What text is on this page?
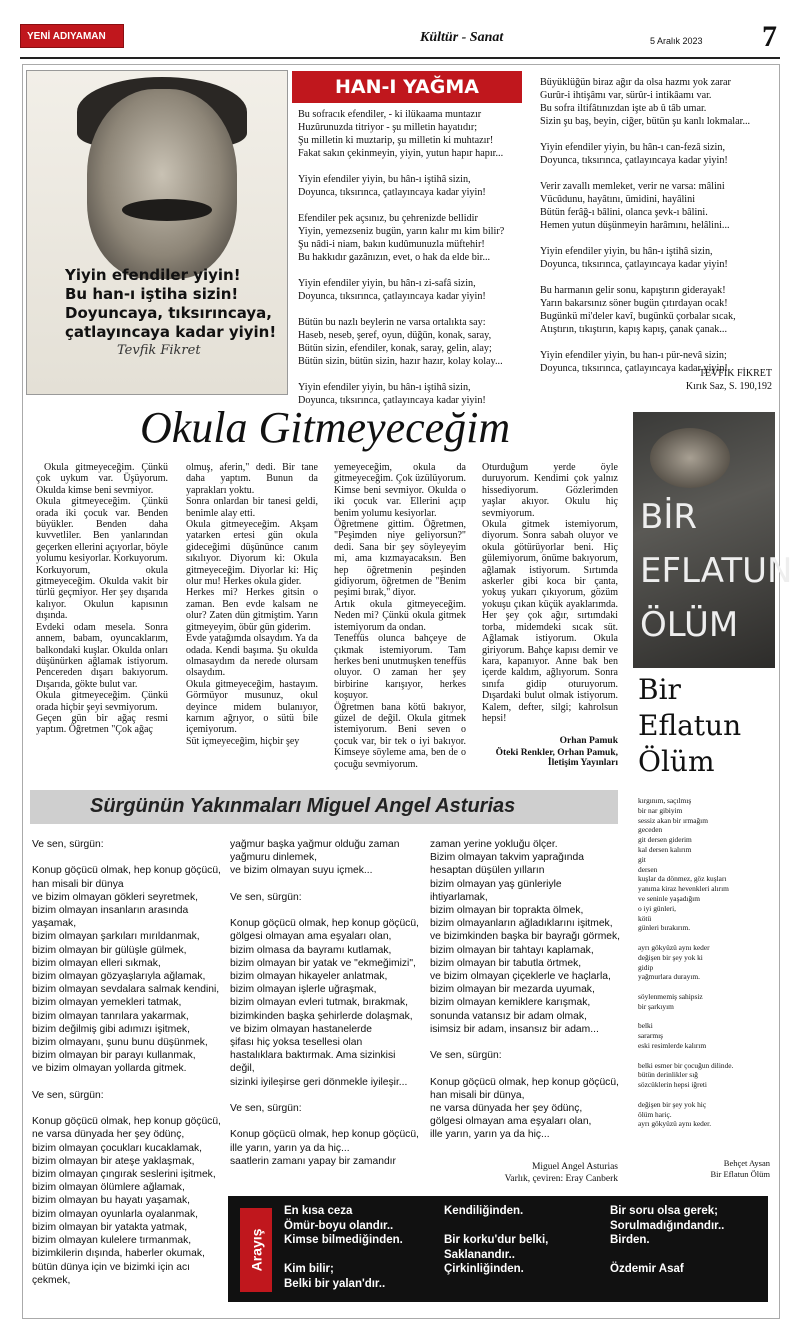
YENİ ADIYAMAN	Kültür - Sanat	5 Aralık 2023 7
Yiyin efendiler yiyin!
Bu han-ı iştiha sizin!
Doyuncaya, tıksırıncaya,
çatlayıncaya kadar yiyin!
Tevfik Fikret
HAN-I YAĞMA
Bu sofracık efendiler, - ki ilükaama muntazır
Huzûrunuzda titriyor - şu milletin hayatıdır;
Şu milletin ki muztarip, şu milletin ki muhtazır!
Fakat sakın çekinmeyin, yiyin, yutun hapır hapır...

Yiyin efendiler yiyin, bu hân-ı iştihâ sizin,
Doyunca, tıksırınca, çatlayıncaya kadar yiyin!

Efendiler pek açsınız, bu çehrenizde bellidir
Yiyin, yemezseniz bugün, yarın kalır mı kim bilir?
Şu nâdi-i niam, bakın kudûmunuzla müftehir!
Bu hakkıdır gazânızın, evet, o hak da elde bir...

Yiyin efendiler yiyin, bu hân-ı zi-safâ sizin,
Doyunca, tıksırınca, çatlayıncaya kadar yiyin!

Bütün bu nazlı beylerin ne varsa ortalıkta say:
Haseb, neseb, şeref, oyun, düğün, konak, saray,
Bütün sizin, efendiler, konak, saray, gelin, alay;
Bütün sizin, bütün sizin, hazır hazır, kolay kolay...

Yiyin efendiler yiyin, bu hân-ı iştihâ sizin,
Doyunca, tıksırınca, çatlayıncaya kadar yiyin!
Büyüklüğün biraz ağır da olsa hazmı yok zarar
Gurûr-i ihtişâmı var, sürûr-i intikâamı var.
Bu sofra iltifâtınızdan işte ab û tâb umar.
Sizin şu baş, beyin, ciğer, bütün şu kanlı lokmalar...

Yiyin efendiler yiyin, bu hân-ı can-fezâ sizin,
Doyunca, tıksırınca, çatlayıncaya kadar yiyin!

Verir zavallı memleket, verir ne varsa: mâlini
Vücûdunu, hayâtını, ümidini, hayâlini
Bütün ferâğ-ı bâlini, olanca şevk-ı bâlini.
Hemen yutun düşünmeyin harâmını, helâlini...

Yiyin efendiler yiyin, bu hân-ı iştihâ sizin,
Doyunca, tıksırınca, çatlayıncaya kadar yiyin!

Bu harmanın gelir sonu, kapıştırın giderayak!
Yarın bakarsınız söner bugün çıtırdayan ocak!
Bugünkü mi'deler kavî, bugünkü çorbalar sıcak,
Atıştırın, tıkıştırın, kapış kapış, çanak çanak...

Yiyin efendiler yiyin, bu han-ı pür-nevâ sizin;
Doyunca, tıksırınca, çatlayıncaya kadar yiyin!
TEVFİK FİKRET
Kırık Saz, S. 190,192
Okula Gitmeyeceğim
Okula gitmeyeceğim. Çünkü çok uykum var. Üşüyorum. Okulda kimse beni sevmiyor.
Okula gitmeyeceğim. Çünkü orada iki çocuk var. Benden büyükler. Benden daha kuvvetliler. Ben yanlarından geçerken ellerini açıyorlar, böyle yolumu kesiyorlar. Korkuyorum.
Korkuyorum, okula gitmeyeceğim. Okulda vakit bir türlü geçmiyor. Her şey dışarıda kalıyor. Okulun kapısının dışında.
Evdeki odam mesela. Sonra annem, babam, oyuncaklarım, balkondaki kuşlar. Okulda onları düşünürken ağlamak istiyorum. Pencereden dışarı bakıyorum. Dışarıda, gökte bulut var.
Okula gitmeyeceğim. Çünkü orada hiçbir şeyi sevmiyorum.
Geçen gün bir ağaç resmi yaptım. Öğretmen "Çok ağaç
olmuş, aferin," dedi. Bir tane daha yaptım. Bunun da yaprakları yoktu.
Sonra onlardan bir tanesi geldi, benimle alay etti.
Okula gitmeyeceğim. Akşam yatarken ertesi gün okula gideceğimi düşününce canım sıkılıyor. Diyorum ki: Okula gitmeyeceğim. Diyorlar ki: Hiç olur mu! Herkes okula gider.
Herkes mi? Herkes gitsin o zaman. Ben evde kalsam ne olur? Zaten dün gitmiştim. Yarın gitmeyeyim, öbür gün giderim.
Evde yatağımda olsaydım. Ya da odada. Kendi başıma. Şu okulda olmasaydım da nerede olursam olsaydım.
Okula gitmeyeceğim, hastayım. Görmüyor musunuz, okul deyince midem bulanıyor, karnım ağrıyor, o sütü bile içemiyorum.
Süt içmeyeceğim, hiçbir şey
yemeyeceğim, okula da gitmeyeceğim. Çok üzülüyorum. Kimse beni sevmiyor. Okulda o iki çocuk var. Ellerini açıp benim yolumu kesiyorlar.
Öğretmene gittim. Öğretmen, "Peşimden niye geliyorsun?" dedi. Sana bir şey söyleyeyim mi, ama kızmayacaksın. Ben hep öğretmenin peşinden gidiyorum, öğretmen de "Benim peşimi bırak," diyor.
Artık okula gitmeyeceğim. Neden mi? Çünkü okula gitmek istemiyorum da ondan.
Teneffüs olunca bahçeye de çıkmak istemiyorum. Tam herkes beni unutmuşken teneffüs oluyor. O zaman her şey birbirine karışıyor, herkes koşuyor.
Öğretmen bana kötü bakıyor, güzel de değil. Okula gitmek istemiyorum. Beni seven o çocuk var, bir tek o iyi bakıyor. Kimseye söyleme ama, ben de o çocuğu sevmiyorum.
Oturduğum yerde öyle duruyorum. Kendimi çok yalnız hissediyorum. Gözlerimden yaşlar akıyor. Okulu hiç sevmiyorum.
Okula gitmek istemiyorum, diyorum. Sonra sabah oluyor ve okula götürüyorlar beni. Hiç gülemiyorum, önüme bakıyorum, ağlamak istiyorum. Sırtımda askerler gibi koca bir çanta, yokuş yukarı çıkıyorum, gözüm yokuşu çıkan küçük ayaklarımda. Her şey çok ağır, sırtımdaki torba, midemdeki sıcak süt. Ağlamak istiyorum. Okula giriyorum. Bahçe kapısı demir ve kara, kapanıyor. Anne bak ben içerde kaldım, ağlıyorum. Sonra sınıfa gidip oturuyorum. Dışardaki bulut olmak istiyorum. Kalem, defter, silgi; kahrolsun hepsi!
Orhan Pamuk
Öteki Renkler, Orhan Pamuk, İletişim Yayınları
BİR EFLATUN ÖLÜM
Bir
Eflatun
Ölüm
kırgınım, saçılmış
bir nar gibiyim
sessiz akan bir ırmağım
geceden
git dersen giderim
kal dersen kalırım
git
dersen
kuşlar da dönmez, göz kuşları
yanıma kiraz hevenkleri alırım
ve seninle yaşadığım
o iyi günleri,
kötü
günleri bırakırım.

ayrı gökyüzü aynı keder
değişen bir şey yok ki
gidip
yağmurlara durayım.

söylenmemiş sahipsiz
bir şarkıyım

belki
sararmış
eski resimlerde kalırım

belki esmer bir çocuğun dilinde.
bütün derinlikler sığ
sözcüklerin hepsi iğreti

değişen bir şey yok hiç
ölüm hariç.
ayrı gökyüzü aynı keder.
Behçet Aysan
Bir Eflatun Ölüm
Sürgünün Yakınmaları Miguel Angel Asturias
Ve sen, sürgün:

Konup göçücü olmak, hep konup göçücü,
han misali bir dünya
ve bizim olmayan gökleri seyretmek,
bizim olmayan insanların arasında yaşamak,
bizim olmayan şarkıları mırıldanmak,
bizim olmayan bir gülüşle gülmek,
bizim olmayan elleri sıkmak,
bizim olmayan gözyaşlarıyla ağlamak,
bizim olmayan sevdalara salmak kendini,
bizim olmayan yemekleri tatmak,
bizim olmayan tanrılara yakarmak,
bizim değilmiş gibi adımızı işitmek,
bizim olmayanı, şunu bunu düşünmek,
bizim olmayan bir parayı kullanmak,
ve bizim olmayan yollarda gitmek.

Ve sen, sürgün:

Konup göçücü olmak, hep konup göçücü,
ne varsa dünyada her şey ödünç,
bizim olmayan çocukları kucaklamak,
bizim olmayan bir ateşe yaklaşmak,
bizim olmayan çıngırak seslerini işitmek,
bizim olmayan ölümlere ağlamak,
bizim olmayan bu hayatı yaşamak,
bizim olmayan oyunlarla oyalanmak,
bizim olmayan bir yatakta yatmak,
bizim olmayan kulelere tırmanmak,
bizimkilerin dışında, haberler okumak,
bütün dünya için ve bizimki için acı çekmek,
yağmur başka yağmur olduğu zaman
yağmuru dinlemek,
ve bizim olmayan suyu içmek...

Ve sen, sürgün:

Konup göçücü olmak, hep konup göçücü,
gölgesi olmayan ama eşyaları olan,
bizim olmasa da bayramı kutlamak,
bizim olmayan bir yatak ve "ekmeğimizi",
bizim olmayan hikayeler anlatmak,
bizim olmayan işlerle uğraşmak,
bizim olmayan evleri tutmak, bırakmak,
bizimkinden başka şehirlerde dolaşmak,
ve bizim olmayan hastanelerde
şifası hiç yoksa tesellesi olan
hastalıklara baktırmak. Ama sizinkisi değil,
sizinki iyileşirse geri dönmekle iyileşir...

Ve sen, sürgün:

Konup göçücü olmak, hep konup göçücü,
ille yarın, yarın ya da hiç...
saatlerin zamanı yapay bir zamandır
zaman yerine yokluğu ölçer.
Bizim olmayan takvim yaprağında
hesaptan düşülen yılların
bizim olmayan yaş günleriyle ihtiyarlamak,
bizim olmayan bir toprakta ölmek,
bizim olmayanların ağladıklarını işitmek,
ve bizimkinden başka bir bayrağı görmek,
bizim olmayan bir tahtayı kaplamak,
bizim olmayan bir tabutla örtmek,
ve bizim olmayan çiçeklerle ve haçlarla,
bizim olmayan bir mezarda uyumak,
bizim olmayan kemiklere karışmak,
sonunda vatansız bir adam olmak,
isimsiz bir adam, insansız bir adam...

Ve sen, sürgün:

Konup göçücü olmak, hep konup göçücü,
han misali bir dünya,
ne varsa dünyada her şey ödünç,
gölgesi olmayan ama eşyaları olan,
ille yarın, yarın ya da hiç...
Miguel Angel Asturias
Varlık, çeviren: Eray Canberk
Arayış
En kısa ceza
Ömür-boyu olandır..
Kimse bilmediğinden.

Kim bilir;
Belki bir yalan'dır..
Kendiliğinden.

Bir korku'dur belki,
Saklanandır..
Çirkinliğinden.
Bir soru olsa gerek;
Sorulmadığındandır..
Birden.

Özdemir Asaf
